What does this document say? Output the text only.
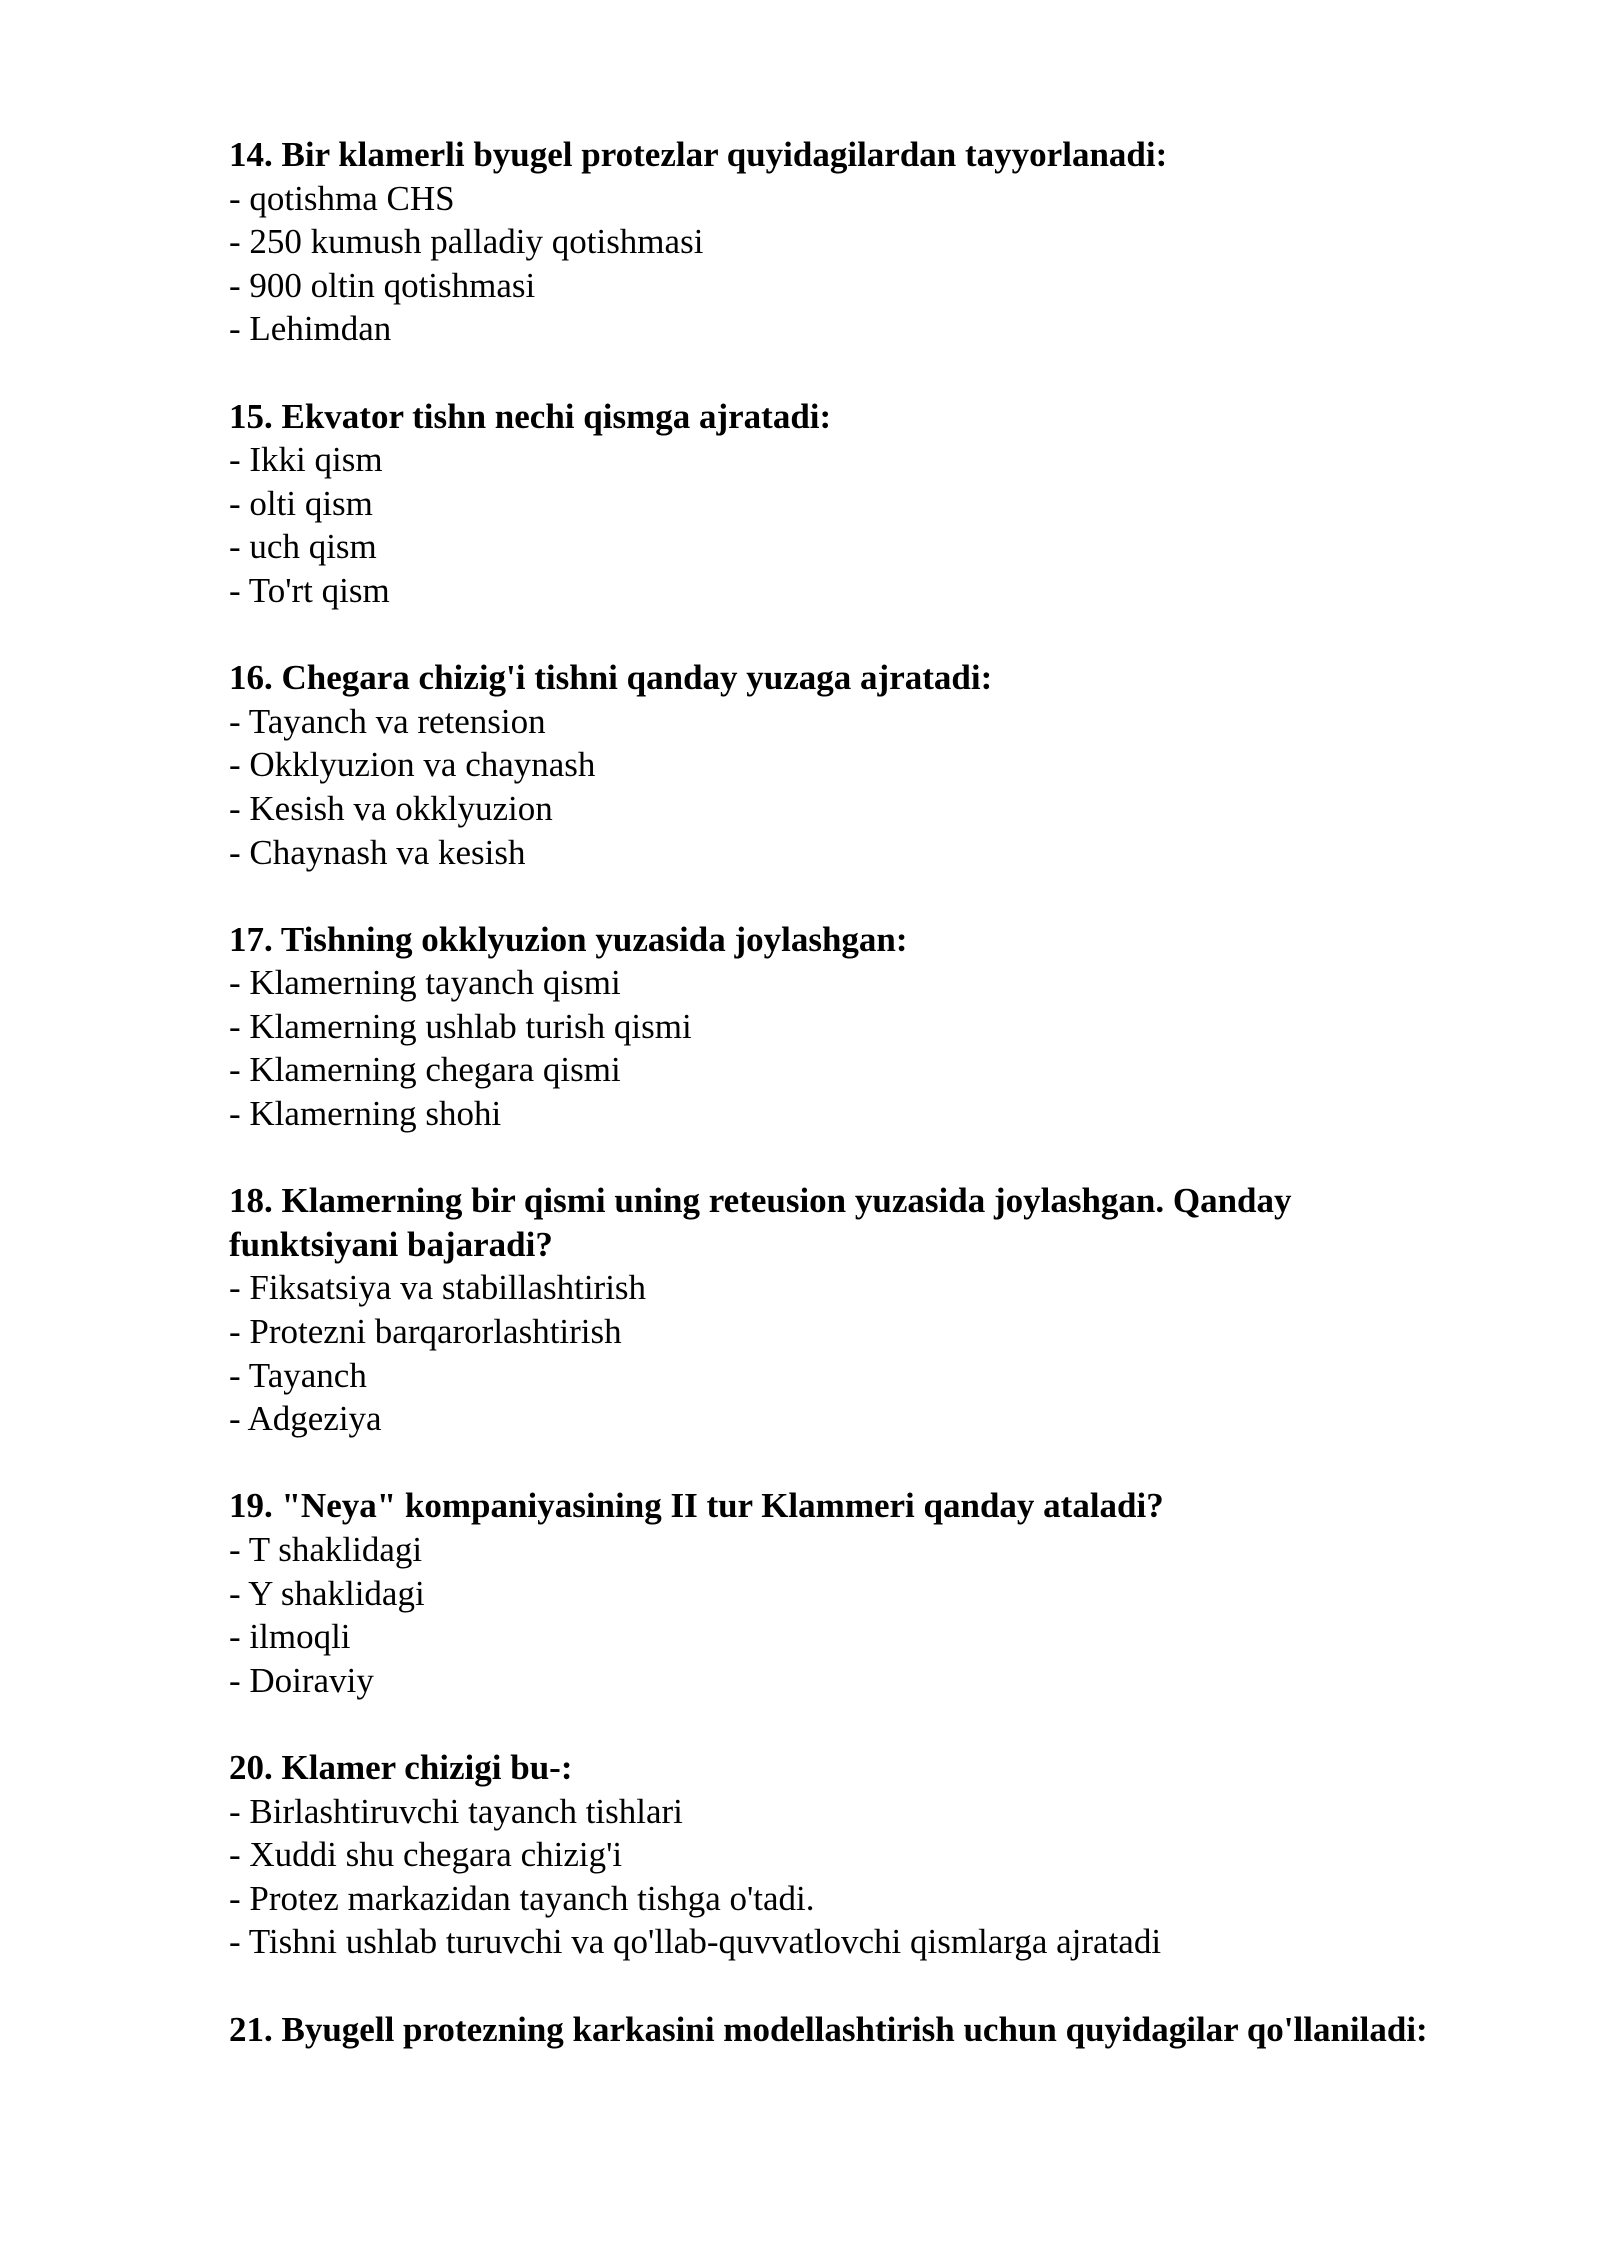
14. Bir klamerli byugel protezlar quyidagilardan tayyorlanadi:

- qotishma CHS
- 250 kumush palladiy qotishmasi
- 900 oltin qotishmasi
- Lehimdan

15. Ekvator tishn nechi qismga ajratadi:

- Ikki qism
- olti qism
- uch qism
- To'rt qism

16. Chegara chizig'i tishni qanday yuzaga ajratadi:

- Tayanch va retension
- Okklyuzion va chaynash
- Kesish va okklyuzion
- Chaynash va kesish

17. Tishning okklyuzion yuzasida joylashgan:

- Klamerning tayanch qismi
- Klamerning ushlab turish qismi
- Klamerning chegara qismi
- Klamerning shohi

18. Klamerning bir qismi uning reteusion yuzasida joylashgan. Qanday funktsiyani bajaradi?

- Fiksatsiya va stabillashtirish
- Protezni barqarorlashtirish
- Tayanch
- Adgeziya

19. "Neya" kompaniyasining II tur Klammeri qanday ataladi?

- T shaklidagi
- Y shaklidagi
- ilmoqli
- Doiraviy

20. Klamer chizigi bu-:

- Birlashtiruvchi tayanch tishlari
- Xuddi shu chegara chizig'i
- Protez markazidan tayanch tishga o'tadi.
- Tishni ushlab turuvchi va qo'llab-quvvatlovchi qismlarga ajratadi

21. Byugell protezning karkasini modellashtirish uchun quyidagilar qo'llaniladi:
